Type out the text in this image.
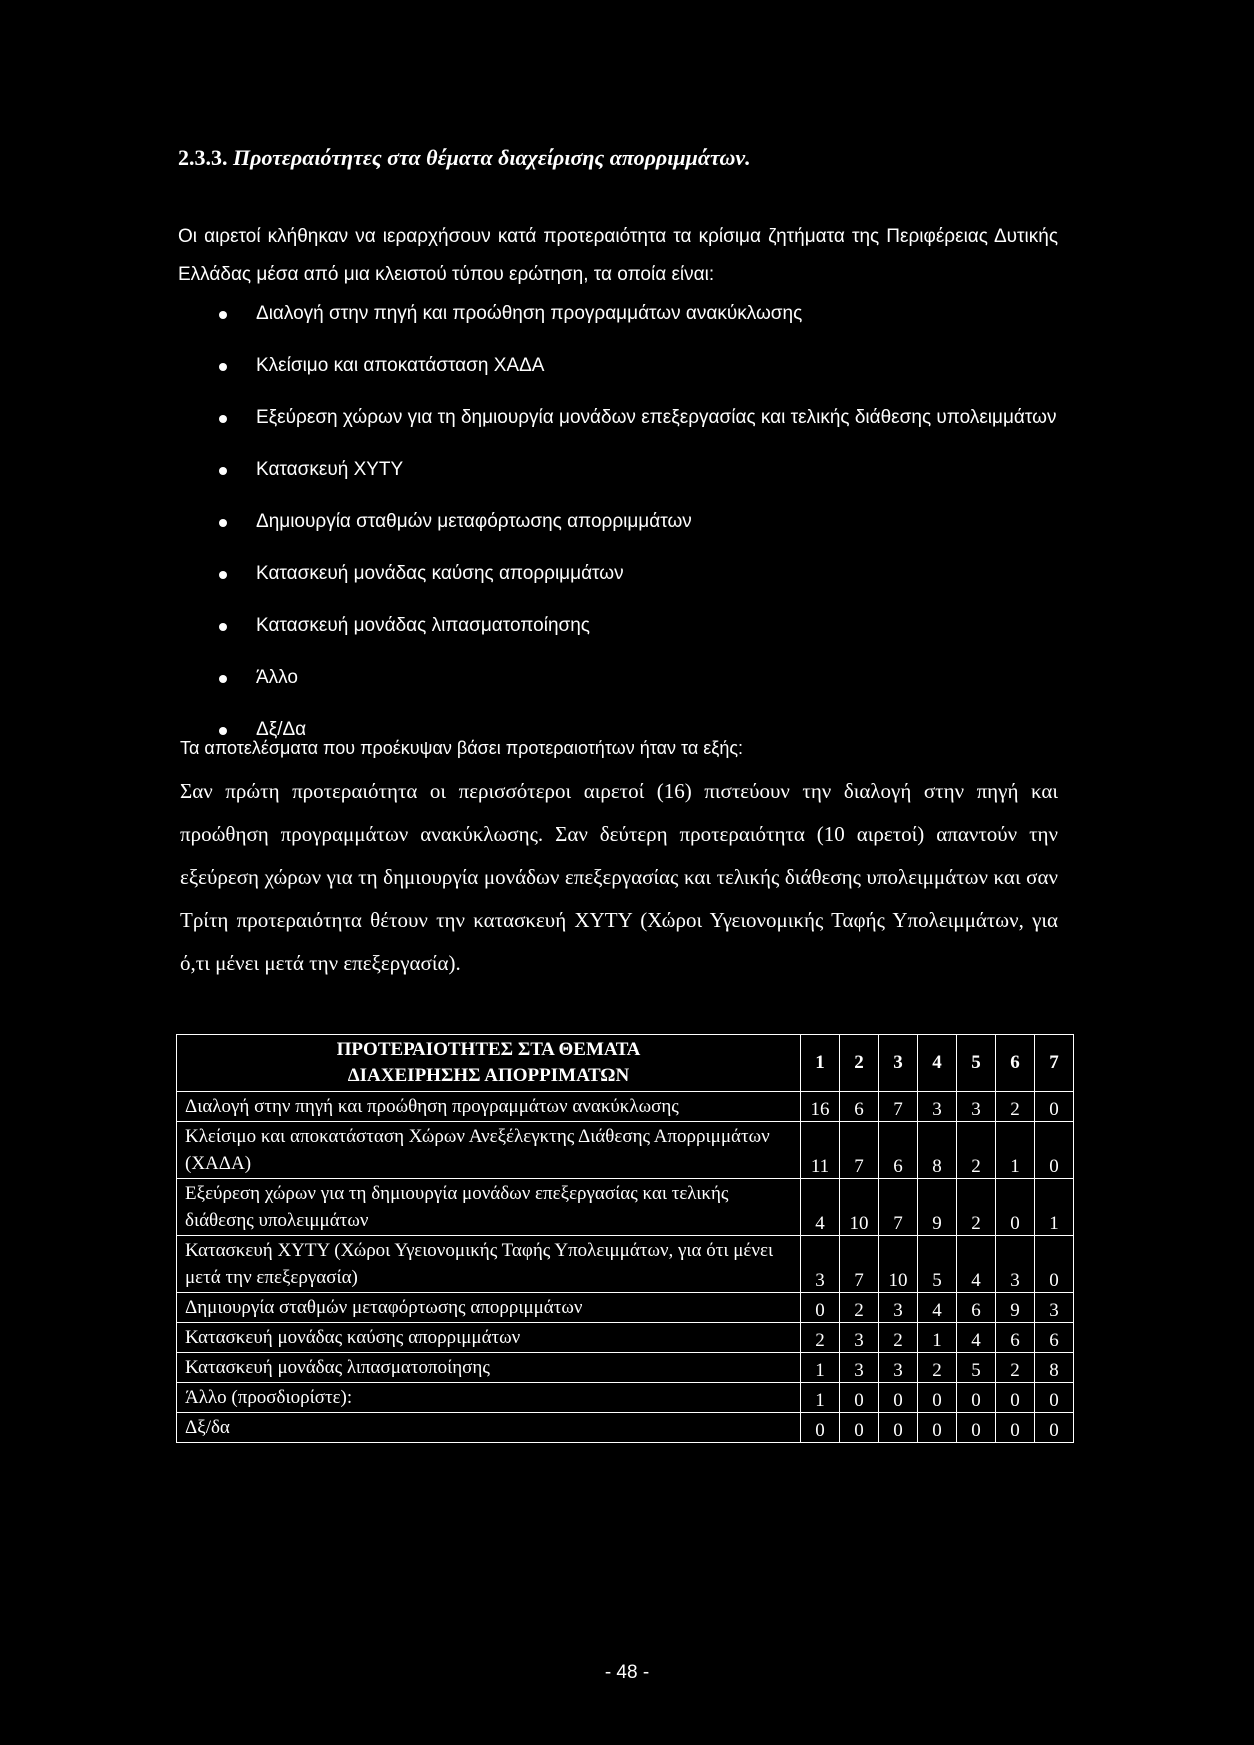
2.3.3. Προτεραιότητες στα θέματα διαχείρισης απορριμμάτων.

Οι αιρετοί κλήθηκαν να ιεραρχήσουν κατά προτεραιότητα τα κρίσιμα ζητήματα της Περιφέρειας Δυτικής Ελλάδας μέσα από μια κλειστού τύπου ερώτηση, τα οποία είναι:

Διαλογή στην πηγή και προώθηση προγραμμάτων ανακύκλωσης
Κλείσιμο και αποκατάσταση ΧΑΔΑ
Εξεύρεση χώρων για τη δημιουργία μονάδων επεξεργασίας και τελικής διάθεσης υπολειμμάτων
Κατασκευή ΧΥΤΥ
Δημιουργία σταθμών μεταφόρτωσης απορριμμάτων
Κατασκευή μονάδας καύσης απορριμμάτων
Κατασκευή μονάδας λιπασματοποίησης
Άλλο
Δξ/Δα
Τα αποτελέσματα που προέκυψαν βάσει προτεραιοτήτων ήταν τα εξής:

Σαν πρώτη προτεραιότητα οι περισσότεροι αιρετοί (16) πιστεύουν την διαλογή στην πηγή και προώθηση προγραμμάτων ανακύκλωσης. Σαν δεύτερη προτεραιότητα (10 αιρετοί) απαντούν την εξεύρεση χώρων για τη δημιουργία μονάδων επεξεργασίας και τελικής διάθεσης υπολειμμάτων και σαν Τρίτη προτεραιότητα θέτουν την κατασκευή ΧΥΤΥ (Χώροι Υγειονομικής Ταφής Υπολειμμάτων, για ό,τι μένει μετά την επεξεργασία).

ΠΡΟΤΕΡΑΙΟΤΗΤΕΣ ΣΤΑ ΘΕΜΑΤΑ
ΔΙΑΧΕΙΡΗΣΗΣ ΑΠΟΡΡΙΜΑΤΩΝ	1	2	3	4	5	6	7
Διαλογή στην πηγή και προώθηση προγραμμάτων ανακύκλωσης	16	6	7	3	3	2	0
Κλείσιμο και αποκατάσταση Χώρων Ανεξέλεγκτης Διάθεσης Απορριμμάτων (ΧΑΔΑ)	11	7	6	8	2	1	0
Εξεύρεση χώρων για τη δημιουργία μονάδων επεξεργασίας και τελικής διάθεσης υπολειμμάτων	4	10	7	9	2	0	1
Κατασκευή ΧΥΤΥ (Χώροι Υγειονομικής Ταφής Υπολειμμάτων, για ότι μένει μετά την επεξεργασία)	3	7	10	5	4	3	0
Δημιουργία σταθμών μεταφόρτωσης απορριμμάτων	0	2	3	4	6	9	3
Κατασκευή μονάδας καύσης απορριμμάτων	2	3	2	1	4	6	6
Κατασκευή μονάδας λιπασματοποίησης	1	3	3	2	5	2	8
Άλλο (προσδιορίστε):	1	0	0	0	0	0	0
Δξ/δα	0	0	0	0	0	0	0
- 48 -
